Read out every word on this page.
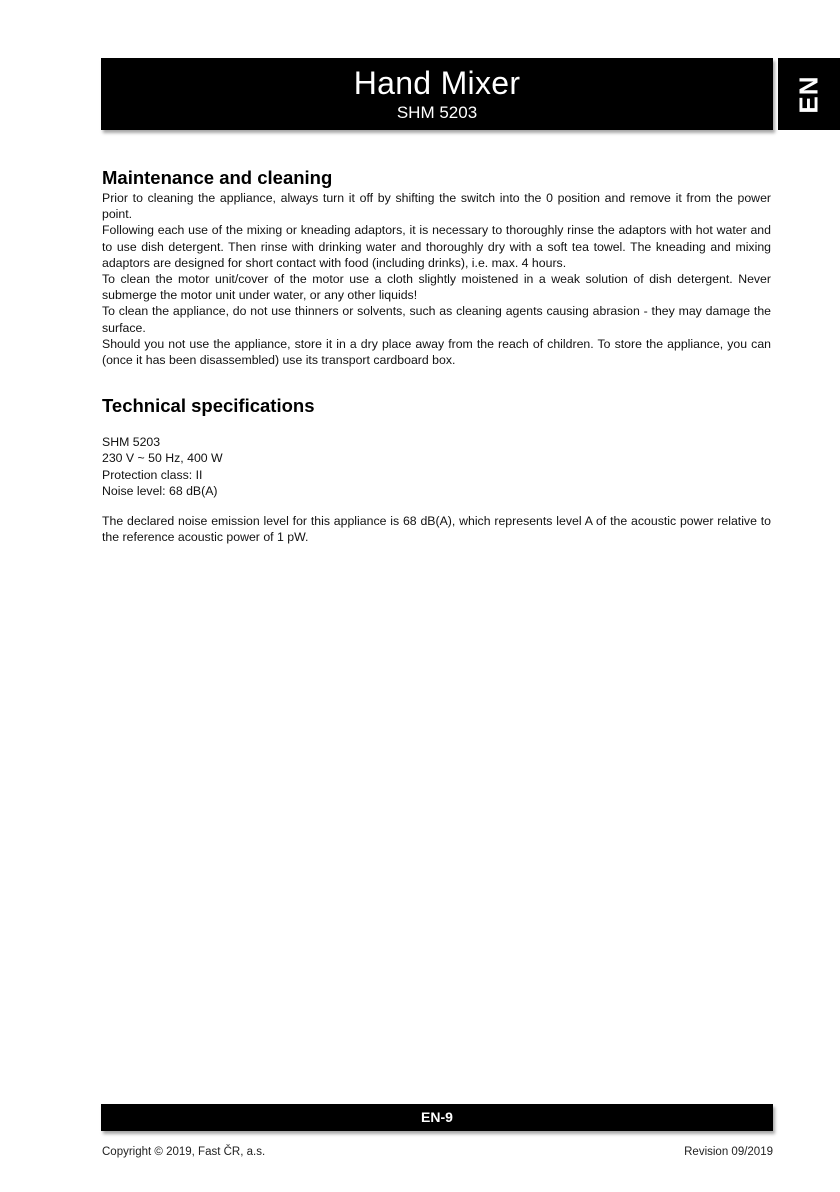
Hand Mixer
SHM 5203	EN
Maintenance and cleaning

Prior to cleaning the appliance, always turn it off by shifting the switch into the 0 position and remove it from the power point.

Following each use of the mixing or kneading adaptors, it is necessary to thoroughly rinse the adaptors with hot water and to use dish detergent. Then rinse with drinking water and thoroughly dry with a soft tea towel. The kneading and mixing adaptors are designed for short contact with food (including drinks), i.e. max. 4 hours.

To clean the motor unit/cover of the motor use a cloth slightly moistened in a weak solution of dish detergent. Never submerge the motor unit under water, or any other liquids!

To clean the appliance, do not use thinners or solvents, such as cleaning agents causing abrasion - they may damage the surface.

Should you not use the appliance, store it in a dry place away from the reach of children. To store the appliance, you can (once it has been disassembled) use its transport cardboard box.

Technical specifications

SHM 5203

230 V ~ 50 Hz, 400 W

Protection class: II

Noise level: 68 dB(A)

The declared noise emission level for this appliance is 68 dB(A), which represents level A of the acoustic power relative to the reference acoustic power of 1 pW.

EN-9
Copyright © 2019, Fast ČR, a.s.	Revision 09/2019
